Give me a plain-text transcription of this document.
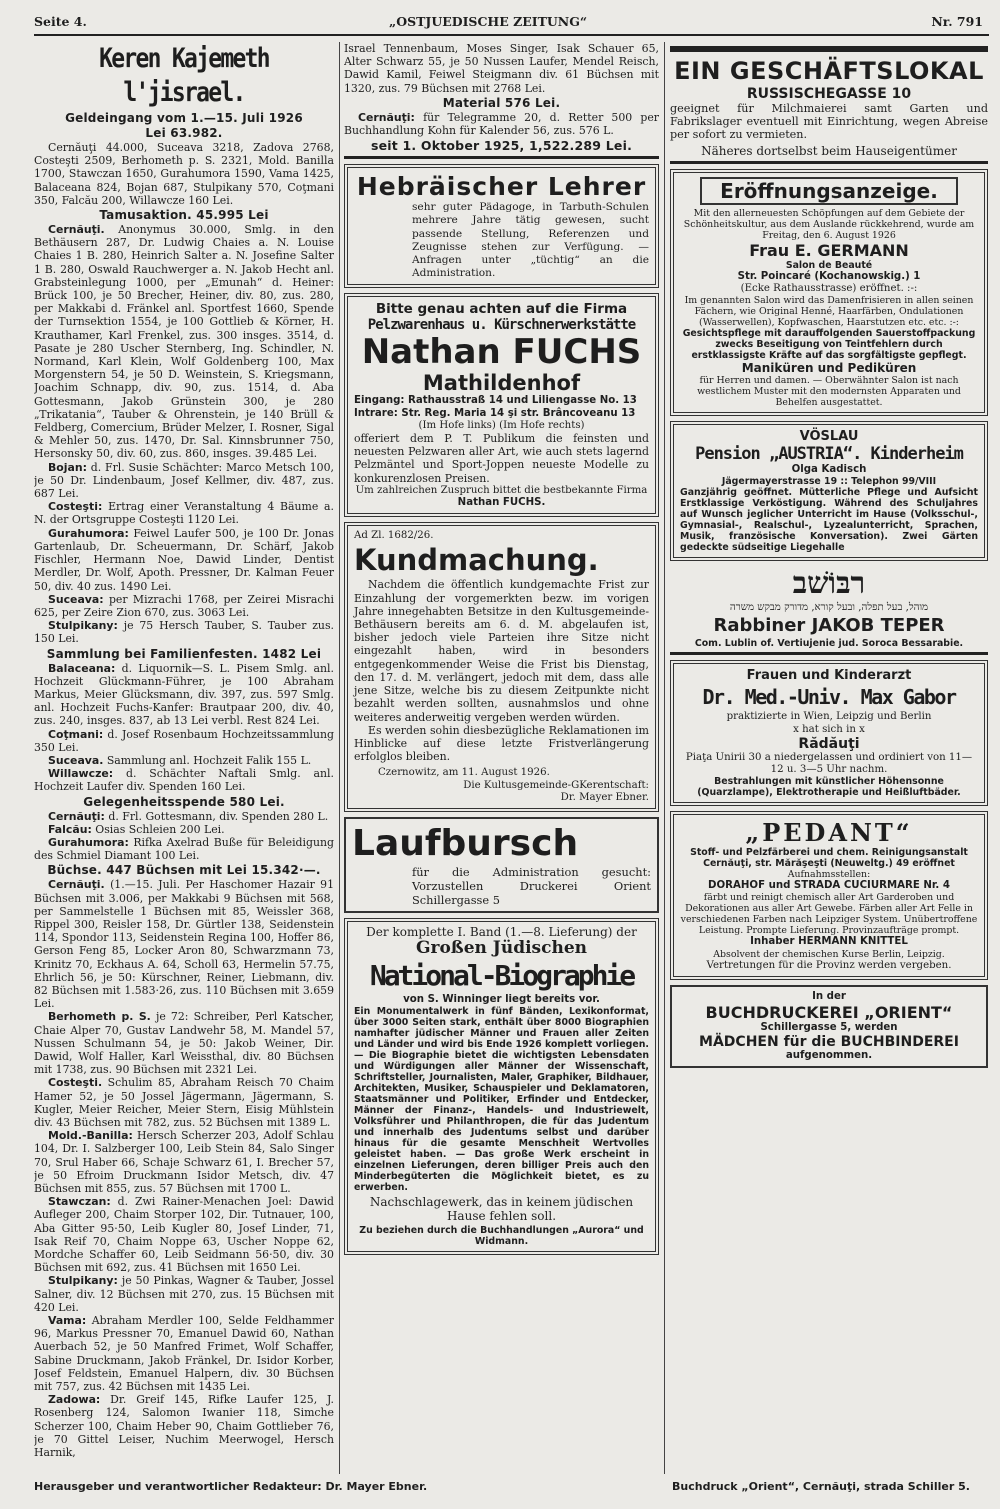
Seite 4.	„OSTJUEDISCHE ZEITUNG“	Nr. 791
Keren Kajemeth l'jisrael.
Geldeingang vom 1.—15. Juli 1926
Lei 63.982.

Cernăuţi 44.000, Suceava 3218, Zadova 2768, Costeşti 2509, Berhometh p. S. 2321, Mold. Banilla 1700, Stawczan 1650, Gurahumora 1590, Vama 1425, Balaceana 824, Bojan 687, Stulpikany 570, Coţmani 350, Falcău 200, Willawcze 160 Lei.

Tamusaktion. 45.995 Lei

Cernăuţi. Anonymus 30.000, Smlg. in den Bethäusern 287, Dr. Ludwig Chaies a. N. Louise Chaies 1 B. 280, Heinrich Salter a. N. Josefine Salter 1 B. 280, Oswald Rauchwerger a. N. Jakob Hecht anl. Grabsteinlegung 1000, per „Emunah“ d. Heiner: Brück 100, je 50 Brecher, Heiner, div. 80, zus. 280, per Makkabi d. Fränkel anl. Sportfest 1660, Spende der Turnsektion 1554, je 100 Gottlieb & Körner, H. Krauthamer, Karl Frenkel, zus. 300 insges. 3514, d. Pasate je 280 Uscher Sternberg, Ing. Schindler, N. Normand, Karl Klein, Wolf Goldenberg 100, Max Morgenstern 54, je 50 D. Weinstein, S. Kriegsmann, Joachim Schnapp, div. 90, zus. 1514, d. Aba Gottesmann, Jakob Grünstein 300, je 280 „Trikatania“, Tauber & Ohrenstein, je 140 Brüll & Feldberg, Comercium, Brüder Melzer, I. Rosner, Sigal & Mehler 50, zus. 1470, Dr. Sal. Kinnsbrunner 750, Hersonsky 50, div. 60, zus. 860, insges. 39.485 Lei.

Bojan: d. Frl. Susie Schächter: Marco Metsch 100, je 50 Dr. Lindenbaum, Josef Kellmer, div. 487, zus. 687 Lei.

Costeşti: Ertrag einer Veranstaltung 4 Bäume a. N. der Ortsgruppe Costeşti 1120 Lei.

Gurahumora: Feiwel Laufer 500, je 100 Dr. Jonas Gartenlaub, Dr. Scheuermann, Dr. Schärf, Jakob Fischler, Hermann Noe, Dawid Linder, Dentist Merdler, Dr. Wolf, Apoth. Pressner, Dr. Kalman Feuer 50, div. 40 zus. 1490 Lei.

Suceava: per Mizrachi 1768, per Zeirei Misrachi 625, per Zeire Zion 670, zus. 3063 Lei.

Stulpikany: je 75 Hersch Tauber, S. Tauber zus. 150 Lei.

Sammlung bei Familienfesten. 1482 Lei

Balaceana: d. Liquornik—S. L. Pisem Smlg. anl. Hochzeit Glückmann-Führer, je 100 Abraham Markus, Meier Glücksmann, div. 397, zus. 597 Smlg. anl. Hochzeit Fuchs-Kanfer: Brautpaar 200, div. 40, zus. 240, insges. 837, ab 13 Lei verbl. Rest 824 Lei.

Coţmani: d. Josef Rosenbaum Hochzeitssammlung 350 Lei.

Suceava. Sammlung anl. Hochzeit Falik 155 L.

Willawcze: d. Schächter Naftali Smlg. anl. Hochzeit Laufer div. Spenden 160 Lei.

Gelegenheitsspende 580 Lei.

Cernăuţi: d. Frl. Gottesmann, div. Spenden 280 L.

Falcău: Osias Schleien 200 Lei.

Gurahumora: Rifka Axelrad Buße für Beleidigung des Schmiel Diamant 100 Lei.

Büchse. 447 Büchsen mit Lei 15.342·—.

Cernăuţi. (1.—15. Juli. Per Haschomer Hazair 91 Büchsen mit 3.006, per Makkabi 9 Büchsen mit 568, per Sammelstelle 1 Büchsen mit 85, Weissler 368, Rippel 300, Reisler 158, Dr. Gürtler 138, Seidenstein 114, Spondor 113, Seidenstein Regina 100, Hoffer 86, Gerson Feng 85, Locker Aron 80, Schwarzmann 73, Krinitz 70, Eckhaus A. 64, Scholl 63, Hermelin 57.75, Ehrlich 56, je 50: Kürschner, Reiner, Liebmann, div. 82 Büchsen mit 1.583·26, zus. 110 Büchsen mit 3.659 Lei.

Berhometh p. S. je 72: Schreiber, Perl Katscher, Chaie Alper 70, Gustav Landwehr 58, M. Mandel 57, Nussen Schulmann 54, je 50: Jakob Weiner, Dir. Dawid, Wolf Haller, Karl Weissthal, div. 80 Büchsen mit 1738, zus. 90 Büchsen mit 2321 Lei.

Costeşti. Schulim 85, Abraham Reisch 70 Chaim Hamer 52, je 50 Jossel Jägermann, Jägermann, S. Kugler, Meier Reicher, Meier Stern, Eisig Mühlstein div. 43 Büchsen mit 782, zus. 52 Büchsen mit 1389 L.

Mold.-Banilla: Hersch Scherzer 203, Adolf Schlau 104, Dr. I. Salzberger 100, Leib Stein 84, Salo Singer 70, Srul Haber 66, Schaje Schwarz 61, I. Brecher 57, je 50 Efroim Druckmann Isidor Metsch, div. 47 Büchsen mit 855, zus. 57 Büchsen mit 1700 L.

Stawczan: d. Zwi Rainer-Menachen Joel: Dawid Aufleger 200, Chaim Storper 102, Dir. Tutnauer, 100, Aba Gitter 95·50, Leib Kugler 80, Josef Linder, 71, Isak Reif 70, Chaim Noppe 63, Uscher Noppe 62, Mordche Schaffer 60, Leib Seidmann 56·50, div. 30 Büchsen mit 692, zus. 41 Büchsen mit 1650 Lei.

Stulpikany: je 50 Pinkas, Wagner & Tauber, Jossel Salner, div. 12 Büchsen mit 270, zus. 15 Büchsen mit 420 Lei.

Vama: Abraham Merdler 100, Selde Feldhammer 96, Markus Pressner 70, Emanuel Dawid 60, Nathan Auerbach 52, je 50 Manfred Frimet, Wolf Schaffer, Sabine Druckmann, Jakob Fränkel, Dr. Isidor Korber, Josef Feldstein, Emanuel Halpern, div. 30 Büchsen mit 757, zus. 42 Büchsen mit 1435 Lei.

Zadowa: Dr. Greif 145, Rifke Laufer 125, J. Rosenberg 124, Salomon Iwanier 118, Simche Scherzer 100, Chaim Heber 90, Chaim Gottlieber 76, je 70 Gittel Leiser, Nuchim Meerwogel, Hersch Harnik,

Israel Tennenbaum, Moses Singer, Isak Schauer 65, Alter Schwarz 55, je 50 Nussen Laufer, Mendel Reisch, Dawid Kamil, Feiwel Steigmann div. 61 Büchsen mit 1320, zus. 79 Büchsen mit 2768 Lei.

Material 576 Lei.

Cernăuţi: für Telegramme 20, d. Retter 500 per Buchhandlung Kohn für Kalender 56, zus. 576 L.

seit 1. Oktober 1925, 1,522.289 Lei.
Hebräischer Lehrer

sehr guter Pädagoge, in Tarbuth-Schulen mehrere Jahre tätig gewesen, sucht passende Stellung, Referenzen und Zeugnisse stehen zur Verfügung. — Anfragen unter „tüchtig“ an die Administration.

Bitte genau achten auf die Firma
Pelzwarenhaus u. Kürschnerwerkstätte
Nathan FUCHS
Mathildenhof
Eingang: Rathausstraß 14 und Liliengasse No. 13
Intrare: Str. Reg. Maria 14 şi str. Brâncoveanu 13
(Im Hofe links) (Im Hofe rechts)

offeriert dem P. T. Publikum die feinsten und neuesten Pelzwaren aller Art, wie auch stets lagernd Pelzmäntel und Sport-Joppen neueste Modelle zu konkurenzlosen Preisen.

Um zahlreichen Zuspruch bittet die bestbekannte Firma
Nathan FUCHS.
Ad Zl. 1682/26.
Kundmachung.

Nachdem die öffentlich kundgemachte Frist zur Einzahlung der vorgemerkten bezw. im vorigen Jahre innegehabten Betsitze in den Kultusgemeinde-Bethäusern bereits am 6. d. M. abgelaufen ist, bisher jedoch viele Parteien ihre Sitze nicht eingezahlt haben, wird in besonders entgegenkommender Weise die Frist bis Dienstag, den 17. d. M. verlängert, jedoch mit dem, dass alle jene Sitze, welche bis zu diesem Zeitpunkte nicht bezahlt werden sollten, ausnahmslos und ohne weiteres anderweitig vergeben werden würden.

Es werden sohin diesbezügliche Reklamationen im Hinblicke auf diese letzte Fristverlängerung erfolglos bleiben.

Czernowitz, am 11. August 1926.
Die Kultusgemeinde-GKerentschaft:
Dr. Mayer Ebner.
Laufbursch

für die Administration gesucht: Vorzustellen Druckerei Orient Schillergasse 5

Der komplette I. Band (1.—8. Lieferung) der
Großen Jüdischen
National-Biographie
von S. Winninger liegt bereits vor.

Ein Monumentalwerk in fünf Bänden, Lexikonformat, über 3000 Seiten stark, enthält über 8000 Biographien namhafter jüdischer Männer und Frauen aller Zeiten und Länder und wird bis Ende 1926 komplett vorliegen. — Die Biographie bietet die wichtigsten Lebensdaten und Würdigungen aller Männer der Wissenschaft, Schriftsteller, Journalisten, Maler, Graphiker, Bildhauer, Architekten, Musiker, Schauspieler und Deklamatoren, Staatsmänner und Politiker, Erfinder und Entdecker, Männer der Finanz-, Handels- und Industriewelt, Volksführer und Philanthropen, die für das Judentum und innerhalb des Judentums selbst und darüber hinaus für die gesamte Menschheit Wertvolles geleistet haben. — Das große Werk erscheint in einzelnen Lieferungen, deren billiger Preis auch den Minderbegüterten die Möglichkeit bietet, es zu erwerben.

Nachschlagewerk, das in keinem jüdischen Hause fehlen soll.
Zu beziehen durch die Buchhandlungen „Aurora“ und Widmann.
EIN GESCHÄFTSLOKAL
RUSSISCHEGASSE 10

geeignet für Milchmaierei samt Garten und Fabrikslager eventuell mit Einrichtung, wegen Abreise per sofort zu vermieten.

Näheres dortselbst beim Hauseigentümer
Eröffnungsanzeige.

Mit den allerneuesten Schöpfungen auf dem Gebiete der Schönheitskultur, aus dem Auslande rückkehrend, wurde am Freitag, den 6. August 1926

Frau E. GERMANN
Salon de Beauté
Str. Poincaré (Kochanowskig.) 1
(Ecke Rathausstrasse) eröffnet. :-:

Im genannten Salon wird das Damenfrisieren in allen seinen Fächern, wie Original Henné, Haarfärben, Ondulationen (Wasserwellen), Kopfwaschen, Haarstutzen etc. etc. :-:

Gesichtspflege mit darauffolgenden Sauerstoffpackung zwecks Beseitigung von Teintfehlern durch erstklassigste Kräfte auf das sorgfältigste gepflegt.

Maniküren und Pediküren

für Herren und damen. — Oberwähnter Salon ist nach westlichem Muster mit den modernsten Apparaten und Behelfen ausgestattet.

VÖSLAU
Pension „AUSTRIA“. Kinderheim
Olga Kadisch
Jägermayerstrasse 19 :: Telephon 99/VIII

Ganzjährig geöffnet. Mütterliche Pflege und Aufsicht Erstklassige Verköstigung. Während des Schuljahres auf Wunsch jeglicher Unterricht im Hause (Volksschul-, Gymnasial-, Realschul-, Lyzealunterricht, Sprachen, Musik, französische Konversation). Zwei Gärten gedeckte südseitige Liegehalle

רבּוֹשׁב
מוהל, בעל תפלה, ובעל קורא, מדורק מבקש משרה
Rabbiner JAKOB TEPER
Com. Lublin of. Vertiujenie jud. Soroca Bessarabie.
Frauen und Kinderarzt
Dr. Med.-Univ. Max Gabor
praktizierte in Wien, Leipzig und Berlin
x hat sich in x
Rădăuţi
Piaţa Unirii 30 a niedergelassen und ordiniert von 11—12 u. 3—5 Uhr nachm.
Bestrahlungen mit künstlicher Höhensonne (Quarzlampe), Elektrotherapie und Heißluftbäder.
„PEDANT“
Stoff- und Pelzfärberei und chem. Reinigungsanstalt Cernăuţi, str. Mărăşeşti (Neuweltg.) 49 eröffnet
Aufnahmsstellen:
DORAHOF und STRADA CUCIURMARE Nr. 4

färbt und reinigt chemisch aller Art Garderoben und Dekorationen aus aller Art Gewebe. Färben aller Art Felle in verschiedenen Farben nach Leipziger System. Unübertroffene Leistung. Prompte Lieferung. Provinzaufträge prompt.

Inhaber HERMANN KNITTEL
Absolvent der chemischen Kurse Berlin, Leipzig.
Vertretungen für die Provinz werden vergeben.
In der
BUCHDRUCKEREI „ORIENT“
Schillergasse 5, werden
MÄDCHEN für die BUCHBINDEREI
aufgenommen.
Herausgeber und verantwortlicher Redakteur: Dr. Mayer Ebner.	Buchdruck „Orient“, Cernăuţi, strada Schiller 5.
